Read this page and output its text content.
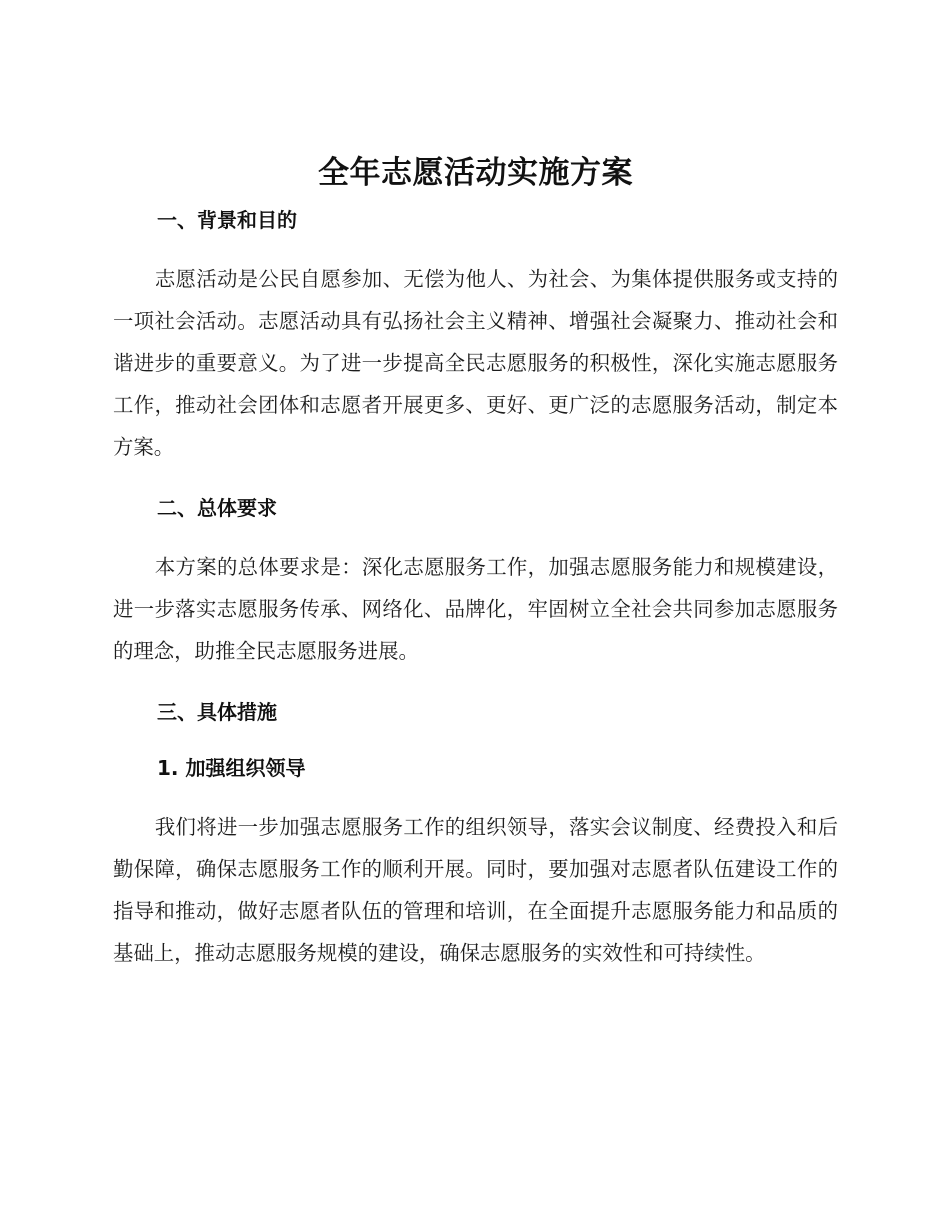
全年志愿活动实施方案
一、背景和目的

志愿活动是公民自愿参加、无偿为他人、为社会、为集体提供服务或支持的一项社会活动。志愿活动具有弘扬社会主义精神、增强社会凝聚力、推动社会和谐进步的重要意义。为了进一步提高全民志愿服务的积极性，深化实施志愿服务工作，推动社会团体和志愿者开展更多、更好、更广泛的志愿服务活动，制定本方案。

二、总体要求

本方案的总体要求是：深化志愿服务工作，加强志愿服务能力和规模建设，进一步落实志愿服务传承、网络化、品牌化，牢固树立全社会共同参加志愿服务的理念，助推全民志愿服务进展。

三、具体措施
1. 加强组织领导

我们将进一步加强志愿服务工作的组织领导，落实会议制度、经费投入和后勤保障，确保志愿服务工作的顺利开展。同时，要加强对志愿者队伍建设工作的指导和推动，做好志愿者队伍的管理和培训，在全面提升志愿服务能力和品质的基础上，推动志愿服务规模的建设，确保志愿服务的实效性和可持续性。
